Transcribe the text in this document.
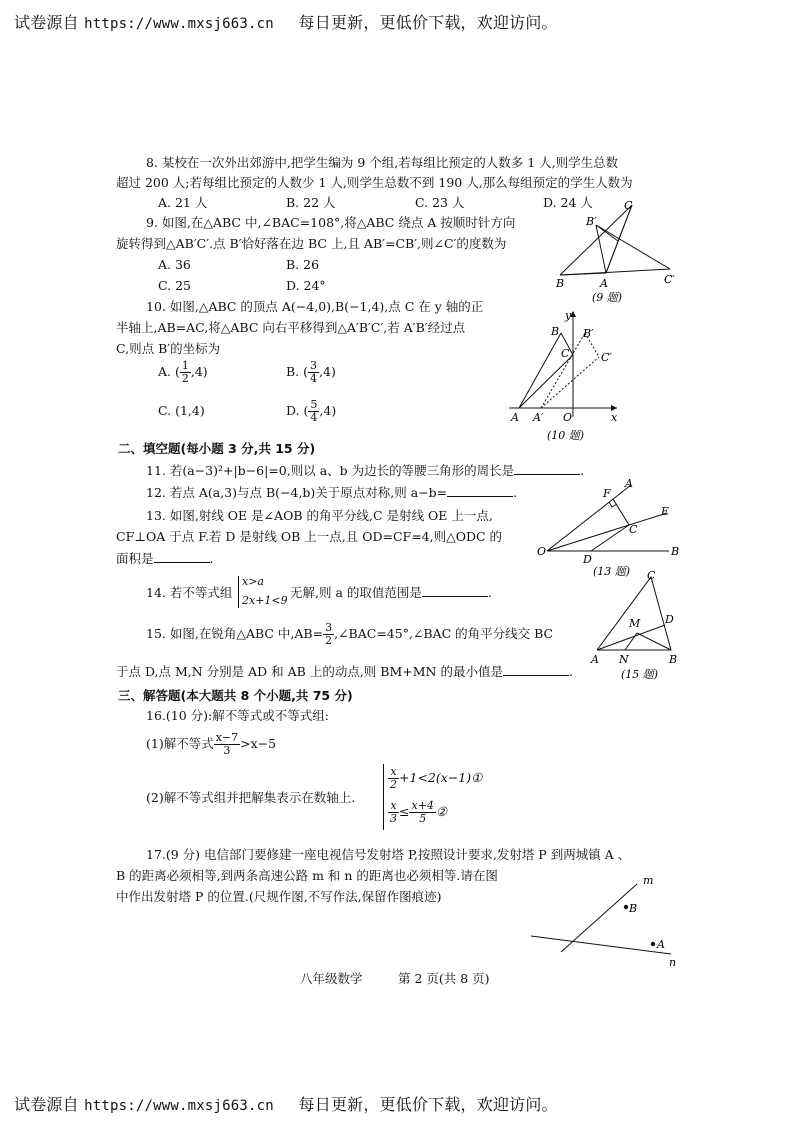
试卷源自 https://www.mxsj663.cn 每日更新，更低价下载，欢迎访问。
8. 某校在一次外出郊游中,把学生编为 9 个组,若每组比预定的人数多 1 人,则学生总数
超过 200 人;若每组比预定的人数少 1 人,则学生总数不到 190 人,那么每组预定的学生人数为
A. 21 人	B. 22 人	C. 23 人	D. 24 人
9. 如图,在△ABC 中,∠BAC=108°,将△ABC 绕点 A 按顺时针方向
旋转得到△AB′C′.点 B′恰好落在边 BC 上,且 AB′=CB′,则∠C′的度数为
A. 36	B. 26
C. 25	D. 24°
C
B′
B	A	C′
(9 题)
10. 如图,△ABC 的顶点 A(−4,0),B(−1,4),点 C 在 y 轴的正
半轴上,AB=AC,将△ABC 向右平移得到△A′B′C′,若 A′B′经过点
C,则点 B′的坐标为
A. ( $\frac{1}{2} ,4$)	B. ( $\frac{3}{4} ,4$)
C. (1,4)	D. ( $\frac{5}{4} ,4$)
y
B B′
C	C′
A A′ O	x
(10 题)
二、填空题(每小题 3 分,共 15 分)
11. 若(a−3)²+|b−6|=0,则以 a、b 为边长的等腰三角形的周长是	.
12. 若点 A(a,3)与点 B(−4,b)关于原点对称,则 a−b=	.
13. 如图,射线 OE 是∠AOB 的角平分线,C 是射线 OE 上一点,
CF⊥OA 于点 F.若 D 是射线 OB 上一点,且 OD=CF=4,则△ODC 的
面积是	.
F
A
E
C
O
D
B
(13 题)
14. 若不等式组
x>a
2x+1<9
无解,则 a 的取值范围是	.
15. 如图,在锐角△ABC 中$,AB= \frac{3}{2}$ ,∠BAC=45°,∠BAC 的角平分线交 BC
于点 D,点 M,N 分别是 AD 和 AB 上的动点,则 BM+MN 的最小值是	.
C
D
M
A N	B
(15 题)
三、解答题(本大题共 8 个小题,共 75 分)
16.(10 分):解不等式或不等式组:
(1)解不等式 $\frac{x-7}{3} >x-5$
(2)解不等式组并把解集表示在数轴上.
$\frac{x}{2}$ +1<2(x−1)①
$\frac{x}{3} \le \frac{x+4}{5}$ ②
17.(9 分) 电信部门要修建一座电视信号发射塔 P,按照设计要求,发射塔 P 到两城镇 A 、
B 的距离必须相等,到两条高速公路 m 和 n 的距离也必须相等.请在图
中作出发射塔 P 的位置.(尺规作图,不写作法,保留作图痕迹)
m
B
A
n
八年级数学	第 2 页(共 8 页)
试卷源自 https://www.mxsj663.cn 每日更新，更低价下载，欢迎访问。
